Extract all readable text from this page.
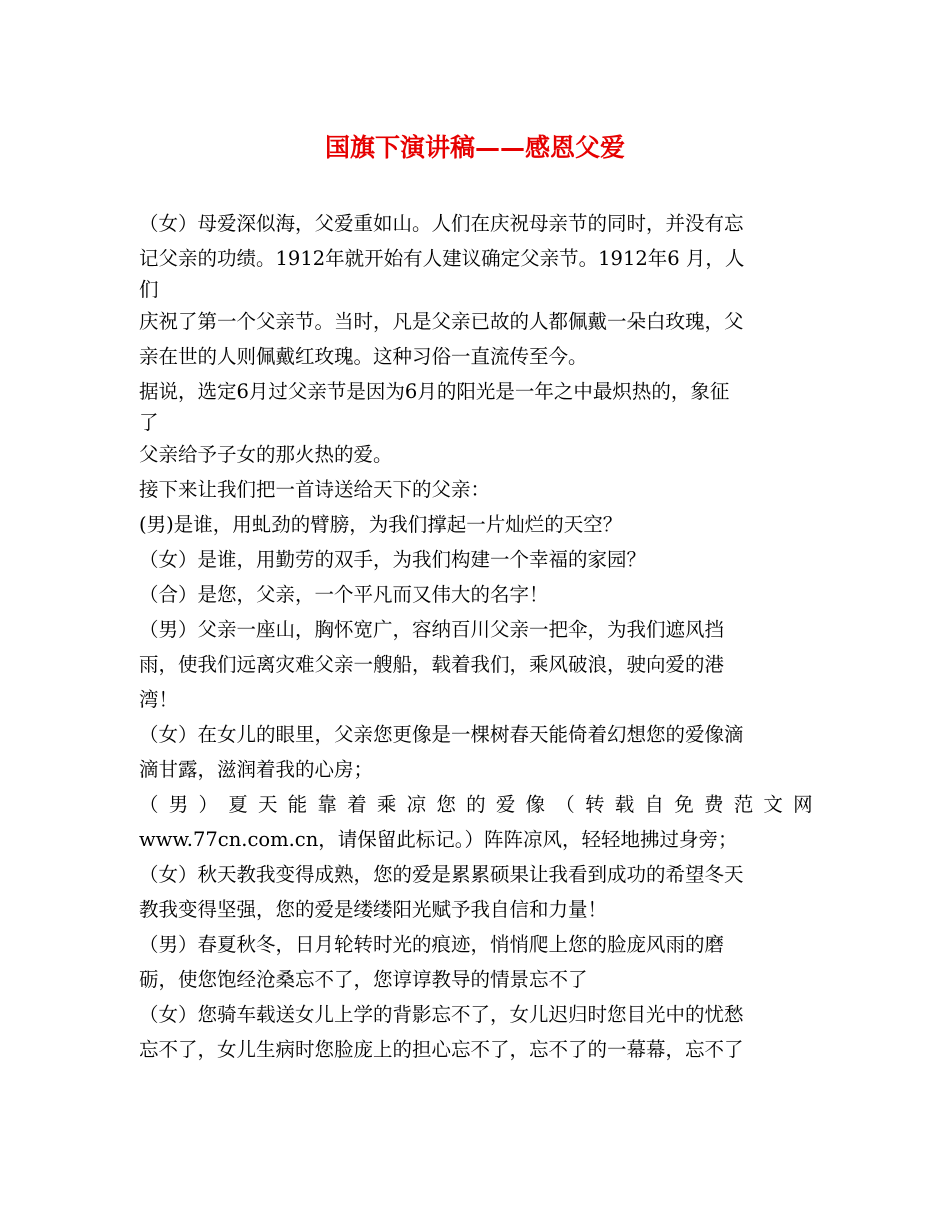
国旗下演讲稿——感恩父爱
（女）母爱深似海，父爱重如山。人们在庆祝母亲节的同时，并没有忘
记父亲的功绩。1912年就开始有人建议确定父亲节。1912年6 月，人
们
庆祝了第一个父亲节。当时，凡是父亲已故的人都佩戴一朵白玫瑰，父
亲在世的人则佩戴红玫瑰。这种习俗一直流传至今。
据说，选定6月过父亲节是因为6月的阳光是一年之中最炽热的，象征
了
父亲给予子女的那火热的爱。
接下来让我们把一首诗送给天下的父亲：
(男)是谁，用虬劲的臂膀，为我们撑起一片灿烂的天空？
（女）是谁，用勤劳的双手，为我们构建一个幸福的家园？
（合）是您，父亲，一个平凡而又伟大的名字！
（男）父亲一座山，胸怀宽广，容纳百川父亲一把伞，为我们遮风挡
雨，使我们远离灾难父亲一艘船，载着我们，乘风破浪，驶向爱的港
湾！
（女）在女儿的眼里，父亲您更像是一棵树春天能倚着幻想您的爱像滴
滴甘露，滋润着我的心房；
（ 男 ） 夏 天 能 靠 着 乘 凉 您 的 爱 像 （ 转 载 自 免 费 范 文 网
www.77cn.com.cn，请保留此标记。）阵阵凉风，轻轻地拂过身旁；
（女）秋天教我变得成熟，您的爱是累累硕果让我看到成功的希望冬天
教我变得坚强，您的爱是缕缕阳光赋予我自信和力量！
（男）春夏秋冬，日月轮转时光的痕迹，悄悄爬上您的脸庞风雨的磨
砺，使您饱经沧桑忘不了，您谆谆教导的情景忘不了
（女）您骑车载送女儿上学的背影忘不了，女儿迟归时您目光中的忧愁
忘不了，女儿生病时您脸庞上的担心忘不了，忘不了的一幕幕，忘不了
